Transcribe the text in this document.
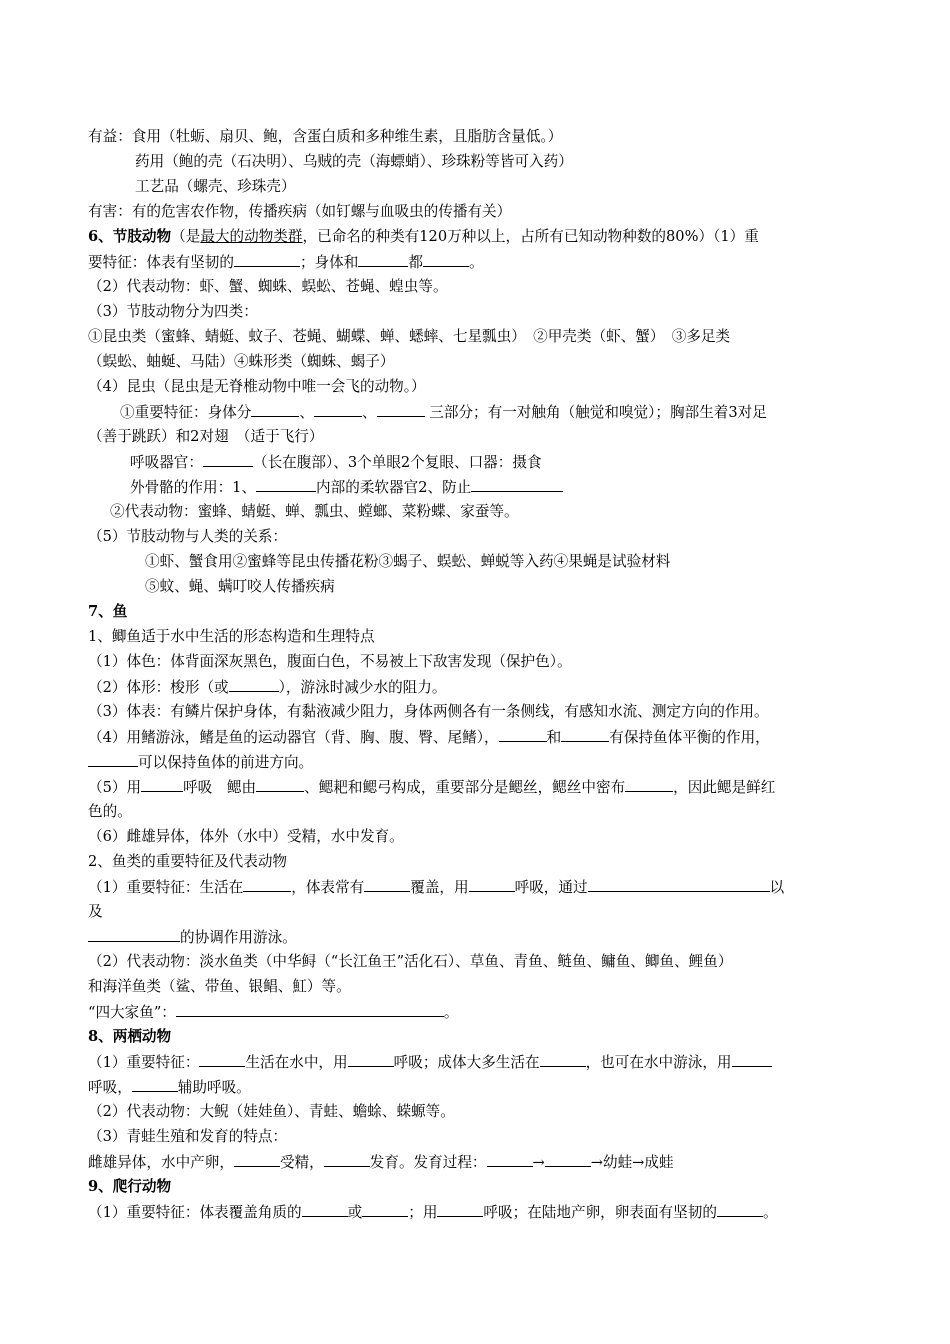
有益：食用（牡蛎、扇贝、鲍，含蛋白质和多种维生素，且脂肪含量低。）
药用（鲍的壳（石决明）、乌贼的壳（海螵蛸）、珍珠粉等皆可入药）
工艺品（螺壳、珍珠壳）
有害：有的危害农作物，传播疾病（如钉螺与血吸虫的传播有关）
6、节肢动物（是最大的动物类群，已命名的种类有120万种以上，占所有已知动物种数的80%）（1）重
要特征：体表有坚韧的	；身体和	都	。
（2）代表动物：虾、蟹、蜘蛛、蜈蚣、苍蝇、蝗虫等。
（3）节肢动物分为四类：
①昆虫类（蜜蜂、蜻蜓、蚊子、苍蝇、蝴蝶、蝉、蟋蟀、七星瓢虫）　②甲壳类（虾、蟹）　③多足类
（蜈蚣、蚰蜒、马陆）④蛛形类（蜘蛛、蝎子）
（4）昆虫（昆虫是无脊椎动物中唯一会飞的动物。）
①重要特征：身体分	、	、	三部分；有一对触角（触觉和嗅觉）；胸部生着3对足
（善于跳跃）和2对翅　（适于飞行）
呼吸器官：	（长在腹部）、3个单眼2个复眼、口器：摄食
外骨骼的作用：1、	内部的柔软器官2、防止
②代表动物：蜜蜂、蜻蜓、蝉、瓢虫、螳螂、菜粉蝶、家蚕等。
（5）节肢动物与人类的关系：
①虾、蟹食用②蜜蜂等昆虫传播花粉③蝎子、蜈蚣、蝉蜕等入药④果蝇是试验材料
⑤蚊、蝇、螨叮咬人传播疾病
7、鱼
1、鲫鱼适于水中生活的形态构造和生理特点
（1）体色：体背面深灰黑色，腹面白色，不易被上下敌害发现（保护色）。
（2）体形：梭形（或	），游泳时减少水的阻力。
（3）体表：有鳞片保护身体，有黏液减少阻力，身体两侧各有一条侧线，有感知水流、测定方向的作用。
（4）用鳍游泳，鳍是鱼的运动器官（背、胸、腹、臀、尾鳍），	和	有保持鱼体平衡的作用，
可以保持鱼体的前进方向。
（5）用	呼吸　鳃由	、鳃耙和鳃弓构成，重要部分是鳃丝，鳃丝中密布	，因此鳃是鲜红
色的。
（6）雌雄异体，体外（水中）受精，水中发育。
2、鱼类的重要特征及代表动物
（1）重要特征：生活在	，体表常有	覆盖，用	呼吸，通过	以
及
的协调作用游泳。
（2）代表动物：淡水鱼类（中华鲟（“长江鱼王”活化石）、草鱼、青鱼、鲢鱼、鳙鱼、鲫鱼、鲤鱼）
和海洋鱼类（鲨、带鱼、银鲳、魟）等。
“四大家鱼”：	。
8、两栖动物
（1）重要特征：	生活在水中，用	呼吸；成体大多生活在	，也可在水中游泳，用
呼吸，	辅助呼吸。
（2）代表动物：大鲵（娃娃鱼）、青蛙、蟾蜍、蝾螈等。
（3）青蛙生殖和发育的特点：
雌雄异体，水中产卵，	受精，	发育。发育过程：	→	→幼蛙→成蛙
9、爬行动物
（1）重要特征：体表覆盖角质的	或	；用	呼吸；在陆地产卵，卵表面有坚韧的	。
